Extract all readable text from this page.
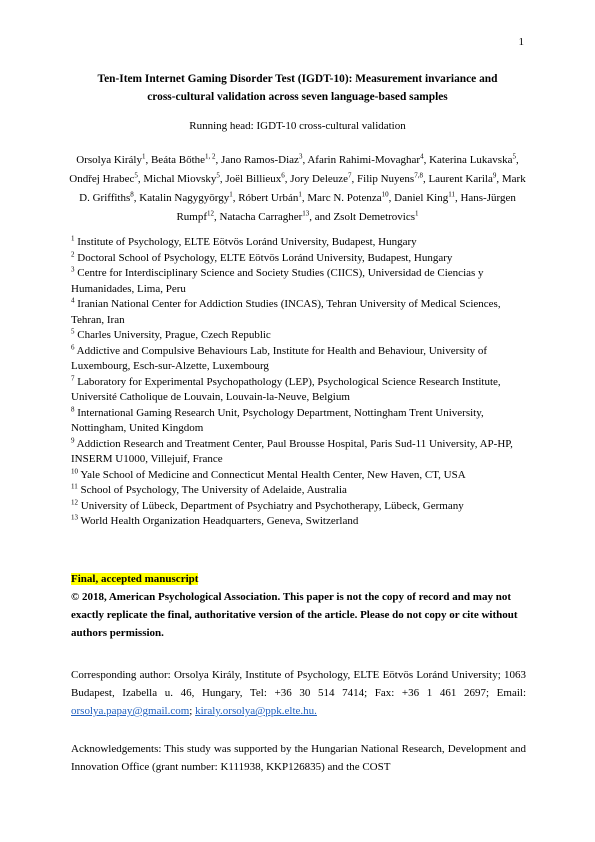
1
Ten-Item Internet Gaming Disorder Test (IGDT-10): Measurement invariance and
cross-cultural validation across seven language-based samples
Running head: IGDT-10 cross-cultural validation
Orsolya Király$^1$, Beáta Bőthe$^{1, 2}$, Jano Ramos-Diaz$^3$, Afarin Rahimi-Movaghar$^4$, Katerina Lukavska$^5$, Ondřej Hrabec$^5$, Michal Miovsky$^5$, Joël Billieux$^6$, Jory Deleuze$^7$, Filip Nuyens$^{7,8}$, Laurent Karila$^9$, Mark D. Griffiths$^8$, Katalin Nagygyörgy$^1$, Róbert Urbán$^1$, Marc N. Potenza$^{10}$, Daniel King$^{11}$, Hans-Jürgen Rumpf$^{12}$, Natacha Carragher$^{13}$, and Zsolt Demetrovics$^1$
$^1$ Institute of Psychology, ELTE Eötvös Loránd University, Budapest, Hungary
$^2$ Doctoral School of Psychology, ELTE Eötvös Loránd University, Budapest, Hungary
$^3$ Centre for Interdisciplinary Science and Society Studies (CIICS), Universidad de Ciencias y Humanidades, Lima, Peru
$^4$ Iranian National Center for Addiction Studies (INCAS), Tehran University of Medical Sciences, Tehran, Iran
$^5$ Charles University, Prague, Czech Republic
$^6$ Addictive and Compulsive Behaviours Lab, Institute for Health and Behaviour, University of Luxembourg, Esch-sur-Alzette, Luxembourg
$^7$ Laboratory for Experimental Psychopathology (LEP), Psychological Science Research Institute, Université Catholique de Louvain, Louvain-la-Neuve, Belgium
$^8$ International Gaming Research Unit, Psychology Department, Nottingham Trent University, Nottingham, United Kingdom
$^9$ Addiction Research and Treatment Center, Paul Brousse Hospital, Paris Sud-11 University, AP-HP, INSERM U1000, Villejuif, France
$^{10}$ Yale School of Medicine and Connecticut Mental Health Center, New Haven, CT, USA
$^{11}$ School of Psychology, The University of Adelaide, Australia
$^{12}$ University of Lübeck, Department of Psychiatry and Psychotherapy, Lübeck, Germany
$^{13}$ World Health Organization Headquarters, Geneva, Switzerland
Final, accepted manuscript
© 2018, American Psychological Association. This paper is not the copy of record and may not exactly replicate the final, authoritative version of the article. Please do not copy or cite without authors permission.
Corresponding author: Orsolya Király, Institute of Psychology, ELTE Eötvös Loránd University; 1063 Budapest, Izabella u. 46, Hungary, Tel: +36 30 514 7414; Fax: +36 1 461 2697; Email: orsolya.papay@gmail.com; kiraly.orsolya@ppk.elte.hu.
Acknowledgements: This study was supported by the Hungarian National Research, Development and Innovation Office (grant number: K111938, KKP126835) and the COST
